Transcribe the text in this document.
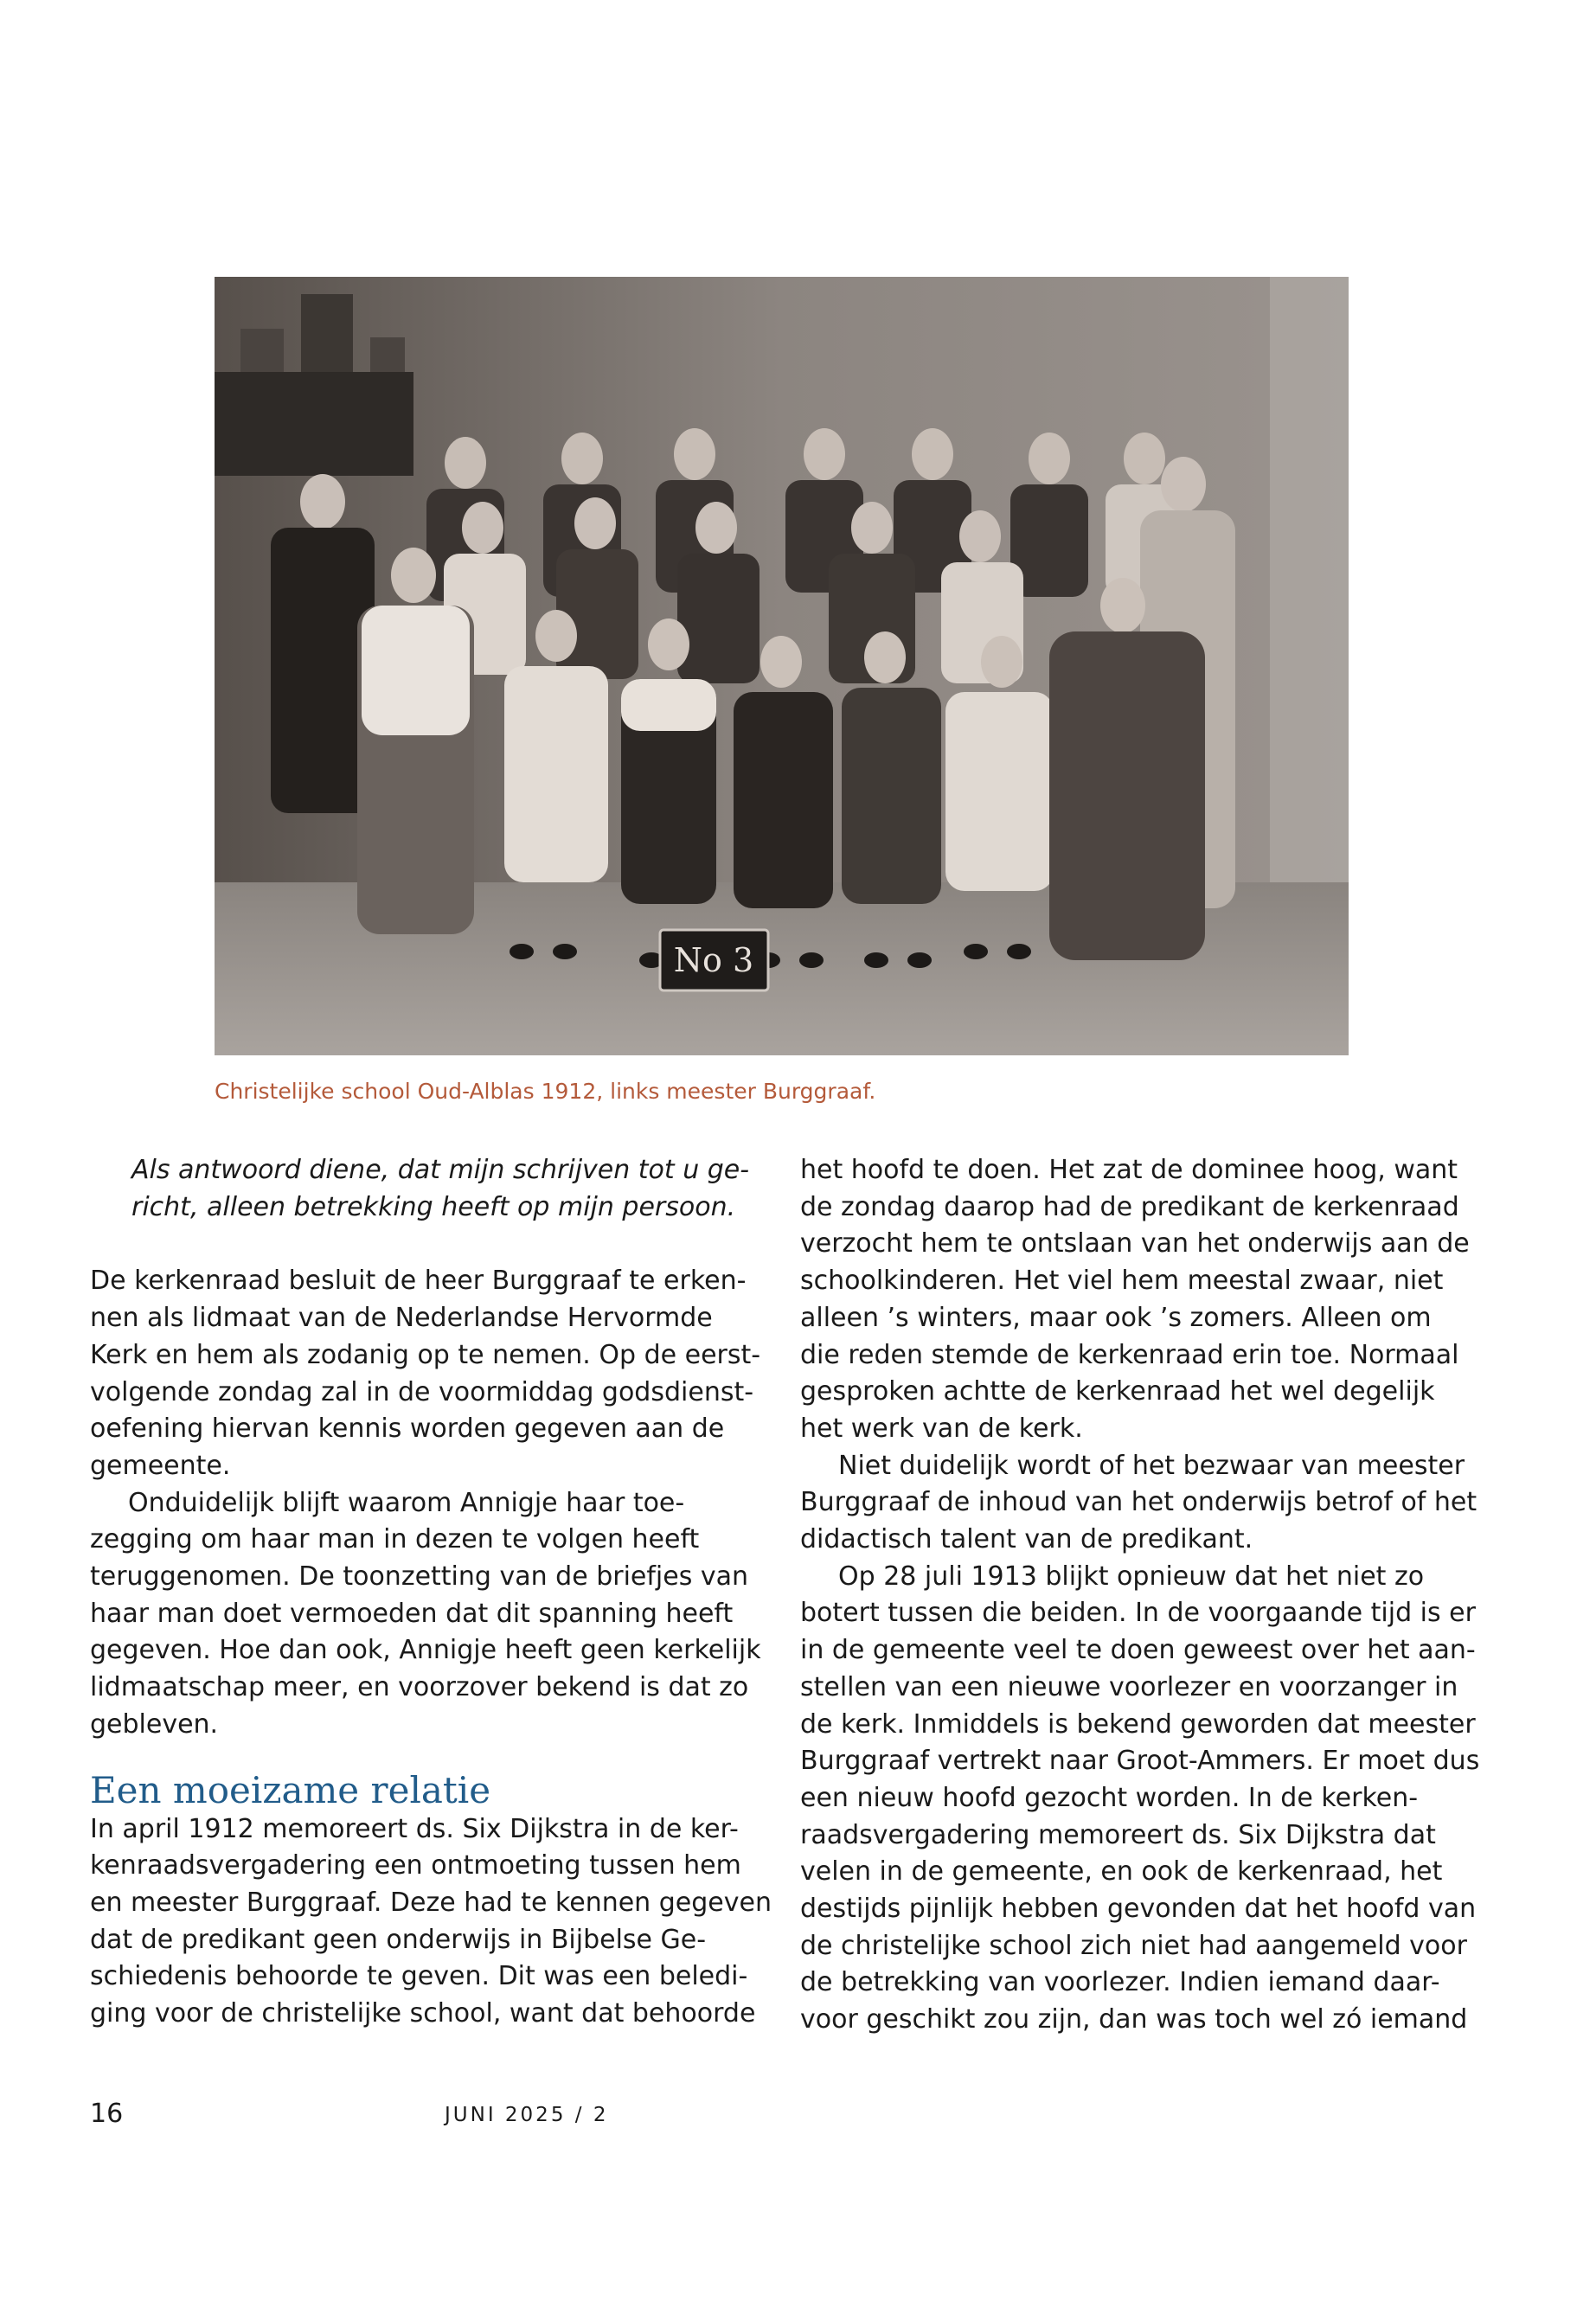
No 3
Christelijke school Oud-Alblas 1912, links meester Burggraaf.

Als antwoord diene, dat mijn schrijven tot u ge-

richt, alleen betrekking heeft op mijn persoon.

De kerkenraad besluit de heer Burggraaf te erken-

nen als lidmaat van de Nederlandse Hervormde

Kerk en hem als zodanig op te nemen. Op de eerst-

volgende zondag zal in de voormiddag godsdienst-

oefening hiervan kennis worden gegeven aan de

gemeente.

Onduidelijk blijft waarom Annigje haar toe-

zegging om haar man in dezen te volgen heeft

teruggenomen. De toonzetting van de briefjes van

haar man doet vermoeden dat dit spanning heeft

gegeven. Hoe dan ook, Annigje heeft geen kerkelijk

lidmaatschap meer, en voorzover bekend is dat zo

gebleven.

Een moeizame relatie

In april 1912 memoreert ds. Six Dijkstra in de ker-

kenraadsvergadering een ontmoeting tussen hem

en meester Burggraaf. Deze had te kennen gegeven

dat de predikant geen onderwijs in Bijbelse Ge-

schiedenis behoorde te geven. Dit was een beledi-

ging voor de christelijke school, want dat behoorde

het hoofd te doen. Het zat de dominee hoog, want

de zondag daarop had de predikant de kerkenraad

verzocht hem te ontslaan van het onderwijs aan de

schoolkinderen. Het viel hem meestal zwaar, niet

alleen ’s winters, maar ook ’s zomers. Alleen om

die reden stemde de kerkenraad erin toe. Normaal

gesproken achtte de kerkenraad het wel degelijk

het werk van de kerk.

Niet duidelijk wordt of het bezwaar van meester

Burggraaf de inhoud van het onderwijs betrof of het

didactisch talent van de predikant.

Op 28 juli 1913 blijkt opnieuw dat het niet zo

botert tussen die beiden. In de voorgaande tijd is er

in de gemeente veel te doen geweest over het aan-

stellen van een nieuwe voorlezer en voorzanger in

de kerk. Inmiddels is bekend geworden dat meester

Burggraaf vertrekt naar Groot-Ammers. Er moet dus

een nieuw hoofd gezocht worden. In de kerken-

raadsvergadering memoreert ds. Six Dijkstra dat

velen in de gemeente, en ook de kerkenraad, het

destijds pijnlijk hebben gevonden dat het hoofd van

de christelijke school zich niet had aangemeld voor

de betrekking van voorlezer. Indien iemand daar-

voor geschikt zou zijn, dan was toch wel zó iemand

16	JUNI 2025 / 2
